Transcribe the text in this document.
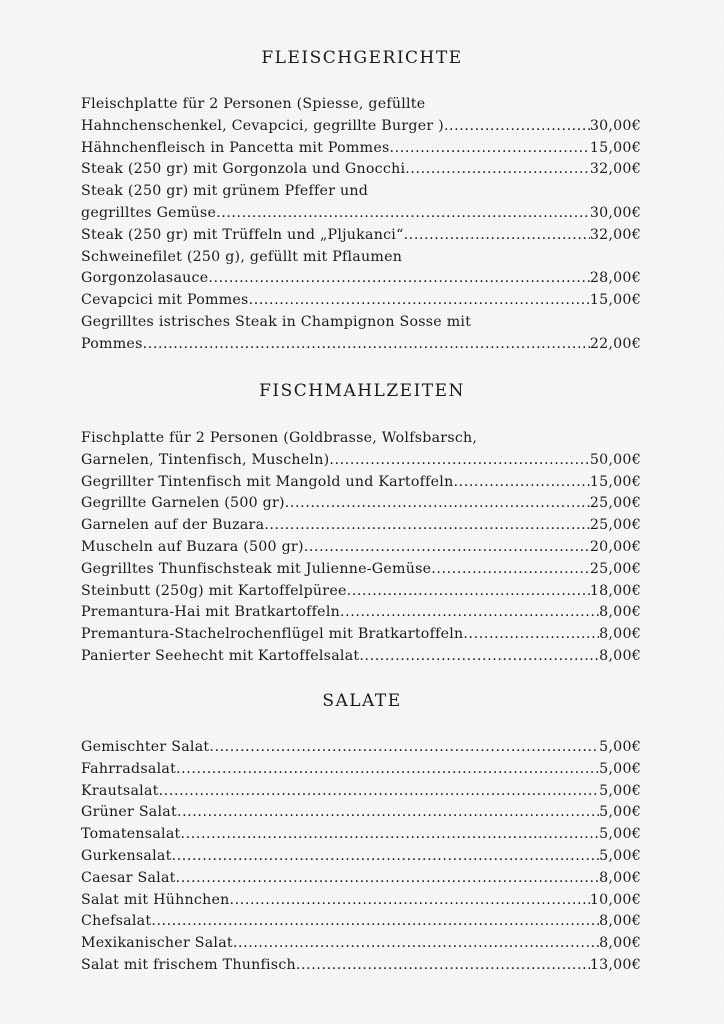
FLEISCHGERICHTE
Fleischplatte für 2 Personen (Spiesse, gefüllte
Hahnchenschenkel, Cevapcici, gegrillte Burger ) .....	30,00€
Hähnchenfleisch in Pancetta mit Pommes .....	15,00€
Steak (250 gr) mit Gorgonzola und Gnocchi .....	32,00€
Steak (250 gr) mit grünem Pfeffer und
gegrilltes Gemüse .....	30,00€
Steak (250 gr) mit Trüffeln und „Pljukanci“ .....	32,00€
Schweinefilet (250 g), gefüllt mit Pflaumen
Gorgonzolasauce .....	28,00€
Cevapcici mit Pommes .....	15,00€
Gegrilltes istrisches Steak in Champignon Sosse mit
Pommes .....	22,00€
FISCHMAHLZEITEN
Fischplatte für 2 Personen (Goldbrasse, Wolfsbarsch,
Garnelen, Tintenfisch, Muscheln) .....	50,00€
Gegrillter Tintenfisch mit Mangold und Kartoffeln .....	15,00€
Gegrillte Garnelen (500 gr) .....	25,00€
Garnelen auf der Buzara .....	25,00€
Muscheln auf Buzara (500 gr) .....	20,00€
Gegrilltes Thunfischsteak mit Julienne-Gemüse .....	25,00€
Steinbutt (250g) mit Kartoffelpüree .....	18,00€
Premantura-Hai mit Bratkartoffeln .....	8,00€
Premantura-Stachelrochenflügel mit Bratkartoffeln .....	8,00€
Panierter Seehecht mit Kartoffelsalat .....	8,00€
SALATE
Gemischter Salat .....	5,00€
Fahrradsalat .....	5,00€
Krautsalat .....	5,00€
Grüner Salat .....	5,00€
Tomatensalat .....	5,00€
Gurkensalat .....	5,00€
Caesar Salat .....	8,00€
Salat mit Hühnchen .....	10,00€
Chefsalat .....	8,00€
Mexikanischer Salat .....	8,00€
Salat mit frischem Thunfisch .....	13,00€
